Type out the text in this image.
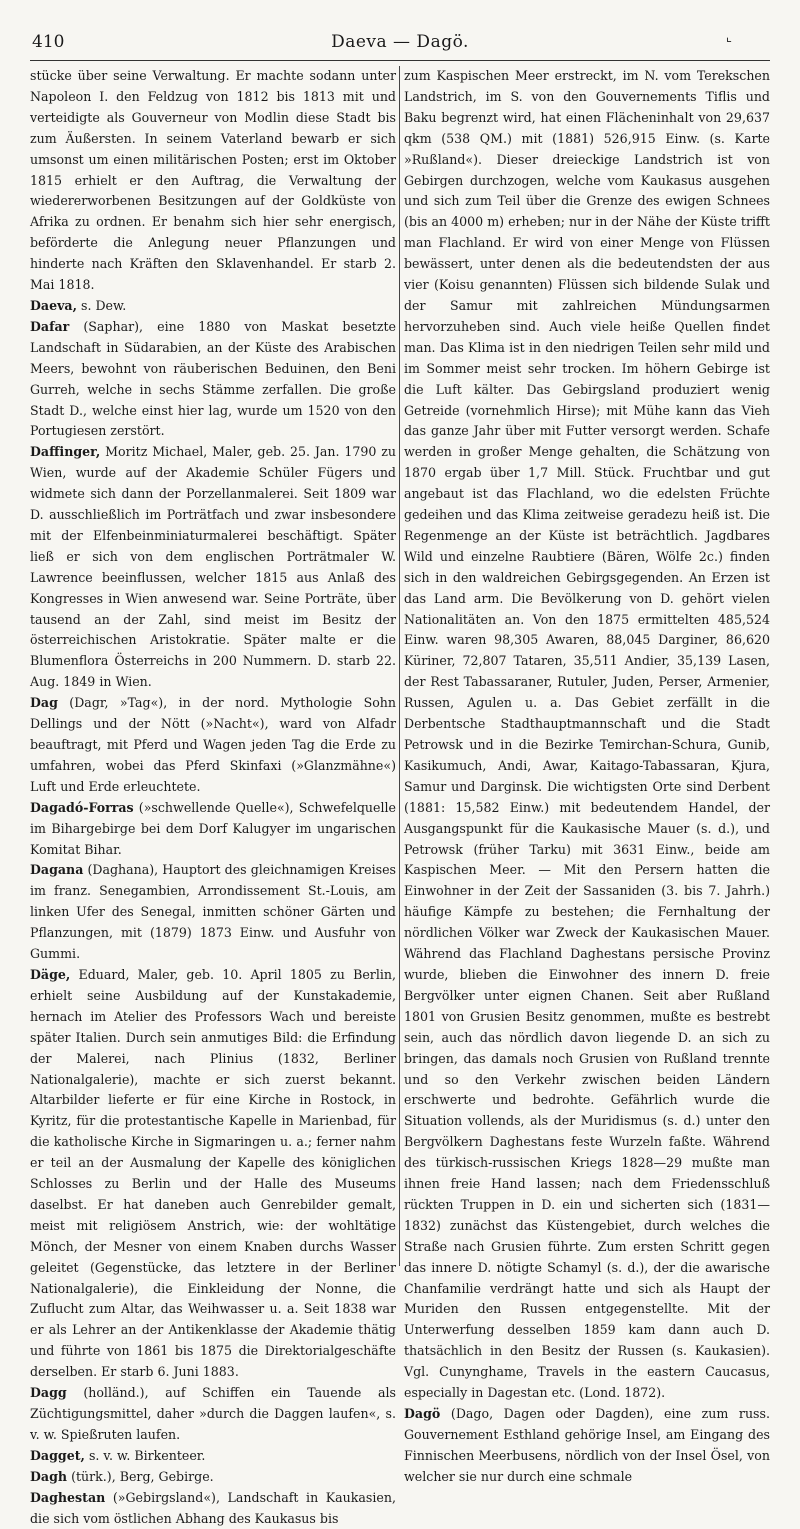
410	Daeva — Dagö.	⌞

stücke über seine Verwaltung. Er machte sodann unter Napoleon I. den Feldzug von 1812 bis 1813 mit und verteidigte als Gouverneur von Modlin diese Stadt bis zum Äußersten. In seinem Vaterland bewarb er sich umsonst um einen militärischen Posten; erst im Oktober 1815 erhielt er den Auftrag, die Verwaltung der wiedererworbenen Besitzungen auf der Goldküste von Afrika zu ordnen. Er benahm sich hier sehr energisch, beförderte die Anlegung neuer Pflanzungen und hinderte nach Kräften den Sklavenhandel. Er starb 2. Mai 1818.

Daeva, s. Dew.

Dafar (Saphar), eine 1880 von Maskat besetzte Landschaft in Südarabien, an der Küste des Arabischen Meers, bewohnt von räuberischen Beduinen, den Beni Gurreh, welche in sechs Stämme zerfallen. Die große Stadt D., welche einst hier lag, wurde um 1520 von den Portugiesen zerstört.

Daffinger, Moritz Michael, Maler, geb. 25. Jan. 1790 zu Wien, wurde auf der Akademie Schüler Fügers und widmete sich dann der Porzellanmalerei. Seit 1809 war D. ausschließlich im Porträtfach und zwar insbesondere mit der Elfenbeinminiaturmalerei beschäftigt. Später ließ er sich von dem englischen Porträtmaler W. Lawrence beeinflussen, welcher 1815 aus Anlaß des Kongresses in Wien anwesend war. Seine Porträte, über tausend an der Zahl, sind meist im Besitz der österreichischen Aristokratie. Später malte er die Blumenflora Österreichs in 200 Nummern. D. starb 22. Aug. 1849 in Wien.

Dag (Dagr, »Tag«), in der nord. Mythologie Sohn Dellings und der Nött (»Nacht«), ward von Alfadr beauftragt, mit Pferd und Wagen jeden Tag die Erde zu umfahren, wobei das Pferd Skinfaxi (»Glanzmähne«) Luft und Erde erleuchtete.

Dagadó-Forras (»schwellende Quelle«), Schwefelquelle im Bihargebirge bei dem Dorf Kalugyer im ungarischen Komitat Bihar.

Dagana (Daghana), Hauptort des gleichnamigen Kreises im franz. Senegambien, Arrondissement St.-Louis, am linken Ufer des Senegal, inmitten schöner Gärten und Pflanzungen, mit (1879) 1873 Einw. und Ausfuhr von Gummi.

Däge, Eduard, Maler, geb. 10. April 1805 zu Berlin, erhielt seine Ausbildung auf der Kunstakademie, hernach im Atelier des Professors Wach und bereiste später Italien. Durch sein anmutiges Bild: die Erfindung der Malerei, nach Plinius (1832, Berliner Nationalgalerie), machte er sich zuerst bekannt. Altarbilder lieferte er für eine Kirche in Rostock, in Kyritz, für die protestantische Kapelle in Marienbad, für die katholische Kirche in Sigmaringen u. a.; ferner nahm er teil an der Ausmalung der Kapelle des königlichen Schlosses zu Berlin und der Halle des Museums daselbst. Er hat daneben auch Genrebilder gemalt, meist mit religiösem Anstrich, wie: der wohltätige Mönch, der Mesner von einem Knaben durchs Wasser geleitet (Gegenstücke, das letztere in der Berliner Nationalgalerie), die Einkleidung der Nonne, die Zuflucht zum Altar, das Weihwasser u. a. Seit 1838 war er als Lehrer an der Antikenklasse der Akademie thätig und führte von 1861 bis 1875 die Direktorialgeschäfte derselben. Er starb 6. Juni 1883.

Dagg (holländ.), auf Schiffen ein Tauende als Züchtigungsmittel, daher »durch die Daggen laufen«, s. v. w. Spießruten laufen.

Dagget, s. v. w. Birkenteer.

Dagh (türk.), Berg, Gebirge.

Daghestan (»Gebirgsland«), Landschaft in Kaukasien, die sich vom östlichen Abhang des Kaukasus bis

zum Kaspischen Meer erstreckt, im N. vom Terekschen Landstrich, im S. von den Gouvernements Tiflis und Baku begrenzt wird, hat einen Flächeninhalt von 29,637 qkm (538 QM.) mit (1881) 526,915 Einw. (s. Karte »Rußland«). Dieser dreieckige Landstrich ist von Gebirgen durchzogen, welche vom Kaukasus ausgehen und sich zum Teil über die Grenze des ewigen Schnees (bis an 4000 m) erheben; nur in der Nähe der Küste trifft man Flachland. Er wird von einer Menge von Flüssen bewässert, unter denen als die bedeutendsten der aus vier (Koisu genannten) Flüssen sich bildende Sulak und der Samur mit zahlreichen Mündungsarmen hervorzuheben sind. Auch viele heiße Quellen findet man. Das Klima ist in den niedrigen Teilen sehr mild und im Sommer meist sehr trocken. Im höhern Gebirge ist die Luft kälter. Das Gebirgsland produziert wenig Getreide (vornehmlich Hirse); mit Mühe kann das Vieh das ganze Jahr über mit Futter versorgt werden. Schafe werden in großer Menge gehalten, die Schätzung von 1870 ergab über 1,7 Mill. Stück. Fruchtbar und gut angebaut ist das Flachland, wo die edelsten Früchte gedeihen und das Klima zeitweise geradezu heiß ist. Die Regenmenge an der Küste ist beträchtlich. Jagdbares Wild und einzelne Raubtiere (Bären, Wölfe 2c.) finden sich in den waldreichen Gebirgsgegenden. An Erzen ist das Land arm. Die Bevölkerung von D. gehört vielen Nationalitäten an. Von den 1875 ermittelten 485,524 Einw. waren 98,305 Awaren, 88,045 Darginer, 86,620 Küriner, 72,807 Tataren, 35,511 Andier, 35,139 Lasen, der Rest Tabassaraner, Rutuler, Juden, Perser, Armenier, Russen, Agulen u. a. Das Gebiet zerfällt in die Derbentsche Stadthauptmannschaft und die Stadt Petrowsk und in die Bezirke Temirchan-Schura, Gunib, Kasikumuch, Andi, Awar, Kaitago-Tabassaran, Kjura, Samur und Darginsk. Die wichtigsten Orte sind Derbent (1881: 15,582 Einw.) mit bedeutendem Handel, der Ausgangspunkt für die Kaukasische Mauer (s. d.), und Petrowsk (früher Tarku) mit 3631 Einw., beide am Kaspischen Meer. — Mit den Persern hatten die Einwohner in der Zeit der Sassaniden (3. bis 7. Jahrh.) häufige Kämpfe zu bestehen; die Fernhaltung der nördlichen Völker war Zweck der Kaukasischen Mauer. Während das Flachland Daghestans persische Provinz wurde, blieben die Einwohner des innern D. freie Bergvölker unter eignen Chanen. Seit aber Rußland 1801 von Grusien Besitz genommen, mußte es bestrebt sein, auch das nördlich davon liegende D. an sich zu bringen, das damals noch Grusien von Rußland trennte und so den Verkehr zwischen beiden Ländern erschwerte und bedrohte. Gefährlich wurde die Situation vollends, als der Muridismus (s. d.) unter den Bergvölkern Daghestans feste Wurzeln faßte. Während des türkisch-russischen Kriegs 1828—29 mußte man ihnen freie Hand lassen; nach dem Friedensschluß rückten Truppen in D. ein und sicherten sich (1831—1832) zunächst das Küstengebiet, durch welches die Straße nach Grusien führte. Zum ersten Schritt gegen das innere D. nötigte Schamyl (s. d.), der die awarische Chanfamilie verdrängt hatte und sich als Haupt der Muriden den Russen entgegenstellte. Mit der Unterwerfung desselben 1859 kam dann auch D. thatsächlich in den Besitz der Russen (s. Kaukasien). Vgl. Cunynghame, Travels in the eastern Caucasus, especially in Dagestan etc. (Lond. 1872).

Dagö (Dago, Dagen oder Dagden), eine zum russ. Gouvernement Esthland gehörige Insel, am Eingang des Finnischen Meerbusens, nördlich von der Insel Ösel, von welcher sie nur durch eine schmale
